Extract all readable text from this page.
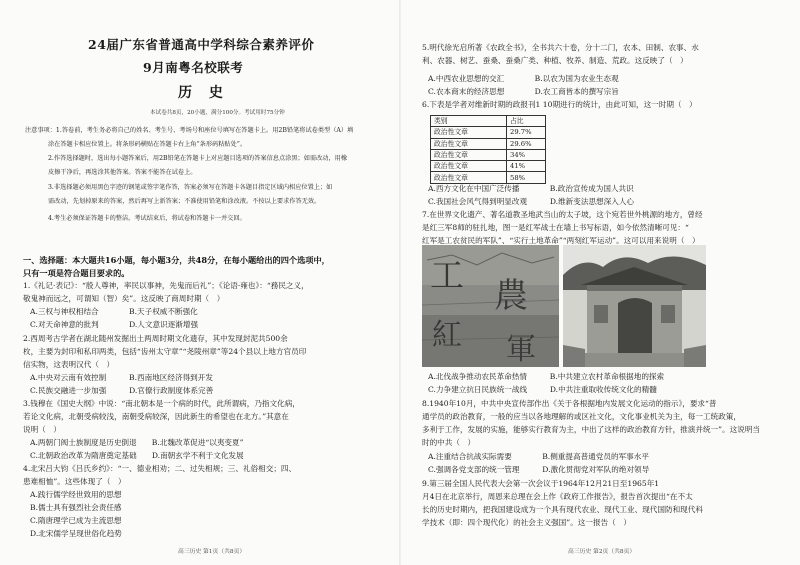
24届广东省普通高中学科综合素养评价
9月南粤名校联考
历 史
本试卷共8页，20小题，满分100分。考试用时75分钟
注意事项：1.答卷前，考生务必将自己的姓名、考生号、考场号和座位号填写在答题卡上。用2B铅笔将试卷类型（A）填
涂在答题卡相应位置上。将条形码横贴在答题卡右上角“条形码粘贴处”。
2.作答选择题时，选出每小题答案后，用2B铅笔在答题卡上对应题目选项的答案信息点涂黑；如需改动，用橡
皮擦干净后，再选涂其他答案。答案不能答在试卷上。
3.非选择题必须用黑色字迹的钢笔或签字笔作答，答案必须写在答题卡各题目指定区域内相应位置上；如
需改动，先划掉原来的答案，然后再写上新答案；不准使用铅笔和涂改液。不按以上要求作答无效。
4.考生必须保证答题卡的整洁。考试结束后，将试卷和答题卡一并交回。
一、选择题：本大题共16小题，每小题3分，共48分，在每小题给出的四个选项中，
只有一项是符合题目要求的。
1.《礼记·表记》：“殷人尊神，率民以事神，先鬼而后礼”；《论语·雍也》：“務民之义，
敬鬼神而远之，可谓知（智）矣”。这反映了商周时期（　）
A.三权与神权相结合　　　　B.天子权威不断强化
C.对天命神意的批判　　　　D.人文意识逐渐增强
2.西周考古学者在湖北随州发掘出土两周时期文化遗存，其中发现封泥共500余
枚，主要为封印和私印两类，包括“齿州太守章”“尧陵州章”等24个县以上地方官员印
信实物，这表明汉代（　）
A.中央对云南有效控制　　　B.西南地区经济得到开发
C.民族交融进一步加强　　　D.官僚行政制度体系完善
3.钱穆在《国史大纲》中说：“南北朝本是一个病的时代，此所谓病，乃指文化病，
若论文化病，北朝受病较浅，南朝受病较深，因此新生的希望也在北方。”其意在
说明（　）
A.两朝门阀士族制度是历史倒退　　B.北魏改革促进“以夷变夏”
C.北朝政治改革为隋唐奠定基础　　D.南朝玄学不利于文化发展
4.北宋吕大钧《吕氏乡约》：“一、德业相劝；二、过失相规；三、礼俗相交；四、
患难相恤”。这些体现了（　）
A.践行儒学经世致用的思想
B.儒士具有强烈社会责任感
C.隋唐理学已成为主流思想
D.北宋儒学呈现世俗化趋势
高三历史 第1页（共8页）
5.明代徐光启所著《农政全书》，全书共六十卷，分十二门，农本、田制、农事、水
利、农器、树艺、蚕桑、蚕桑广类、种植、牧养、制造、荒政。这反映了（　）
A.中西农业思想的交汇　　　　B.以农为国为农业生态观
C.农本商末的经济思想　　　　D.农工商皆本的撰写宗旨
6.下表是学者对维新时期的政报刊1 10期进行的统计，由此可知，这一时期（　）
类别	占比
政治性文章	29.7%
政治性文章	29.6%
政治性文章	34%
政治性文章	41%
政治性文章	58%
A.西方文化在中国广泛传播　　　　B.政治宣传成为国人共识
C.我国社会风气得到明显改观　　　D.维新变法思想深入人心
7.在世界文化遗产、著名道教圣地武当山的太子坡，这个宛若世外桃源的地方，曾经
是红三军8师的驻扎地，图一是红军战士在墙上书写标语，如今依然清晰可见：“
红军是工农贫民的军队”、“实行土地革命”“两刻红军运动”。这可以用来说明（　）
工 農
紅 軍
A.北伐战争推动农民革命热情　　　B.中共建立农村革命根据地的探索
C.力争建立抗日民族统一战线　　　D.中共注重取收传统文化的精髓
8.1940年10月，中共中央宣传部作出《关于各根据地内发展文化运动的指示》，要求“普
通学员的政治教育，一般的应当以各地理解的或区社文化，文化事业机关为主，每一工统政策，
多利于工作，发展的实施，能够实行教育为主，中出了这样的政治教育方针，推演并统一”。这说明当
时的中共（　）
A.注重结合抗战实际需要　　　　B.侧重提高普通党员的军事水平
C.强调各党支部的统一管理　　　D.激化贯彻党对军队的绝对领导
9.第三届全国人民代表大会第一次会议于1964年12月21日至1965年1
月4日在北京举行，周恩来总理在会上作《政府工作报告》，报告首次提出“在不太
长的历史时期内，把我国建设成为一个具有现代农业、现代工业、现代国防和现代科
学技术（即：四个现代化）的社会主义强国”。这一报告（　）
高三历史 第2页（共8页）
